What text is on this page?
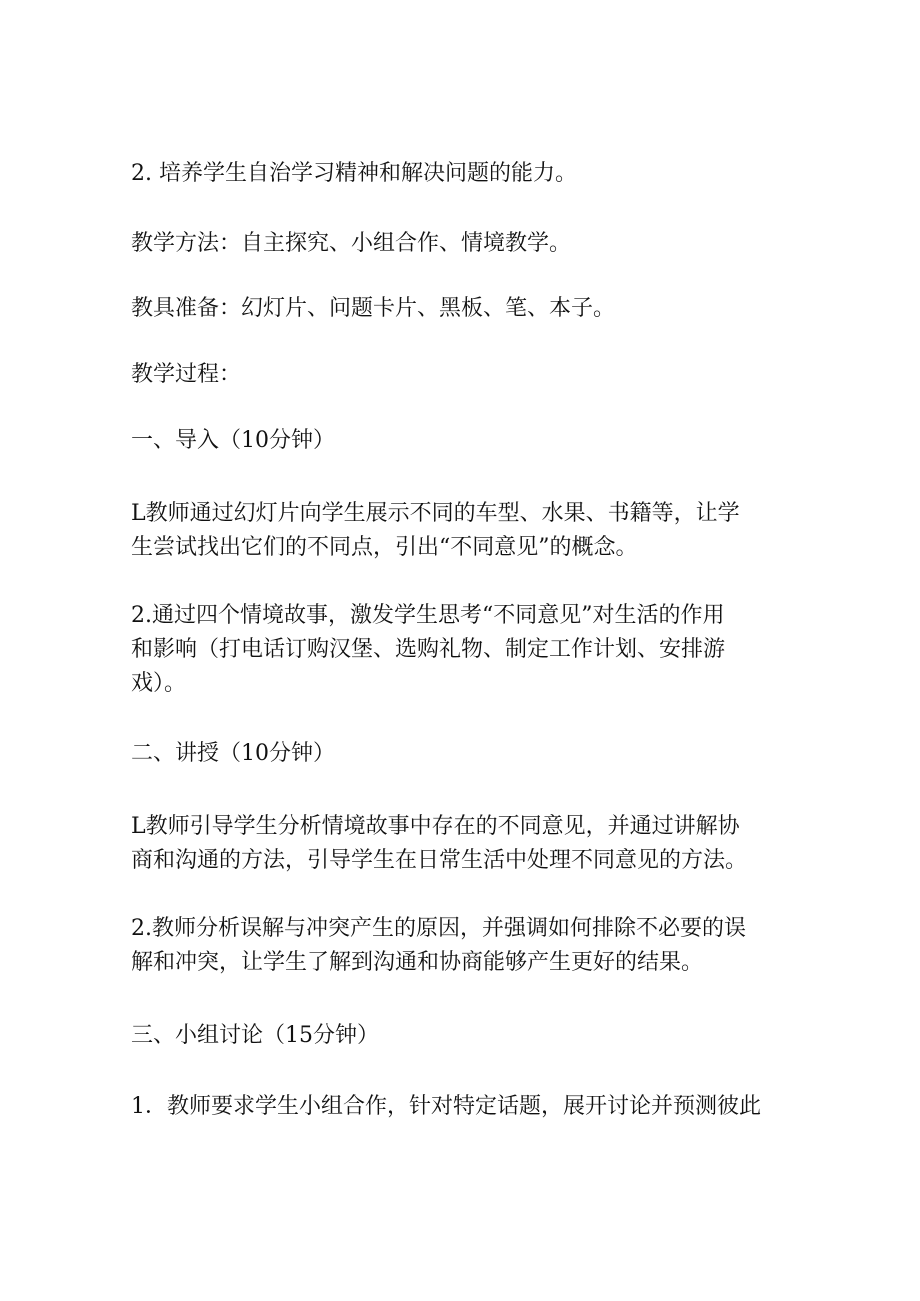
2. 培养学生自治学习精神和解决问题的能力。

教学方法：自主探究、小组合作、情境教学。

教具准备：幻灯片、问题卡片、黑板、笔、本子。

教学过程：

一、导入（10分钟）

L教师通过幻灯片向学生展示不同的车型、水果、书籍等，让学
生尝试找出它们的不同点，引出“不同意见”的概念。

2.通过四个情境故事，激发学生思考“不同意见”对生活的作用
和影响（打电话订购汉堡、选购礼物、制定工作计划、安排游
戏）。

二、讲授（10分钟）

L教师引导学生分析情境故事中存在的不同意见，并通过讲解协
商和沟通的方法，引导学生在日常生活中处理不同意见的方法。

2.教师分析误解与冲突产生的原因，并强调如何排除不必要的误
解和冲突，让学生了解到沟通和协商能够产生更好的结果。

三、小组讨论（15分钟）

1．教师要求学生小组合作，针对特定话题，展开讨论并预测彼此
